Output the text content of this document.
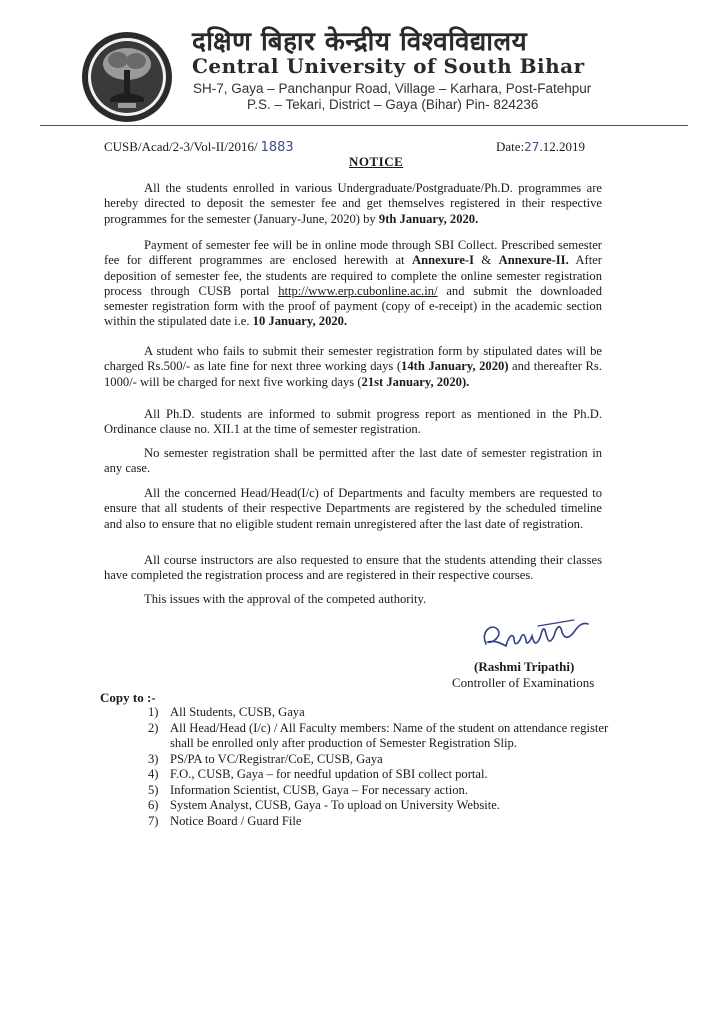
दक्षिण बिहार केन्द्रीय विश्वविद्यालय
Central University of South Bihar
SH-7, Gaya – Panchanpur Road, Village – Karhara, Post-Fatehpur
P.S. – Tekari, District – Gaya (Bihar) Pin- 824236
CUSB/Acad/2-3/Vol-II/2016/ 1883	Date:27.12.2019
NOTICE
All the students enrolled in various Undergraduate/Postgraduate/Ph.D. programmes are hereby directed to deposit the semester fee and get themselves registered in their respective programmes for the semester (January-June, 2020) by 9th January, 2020.
Payment of semester fee will be in online mode through SBI Collect. Prescribed semester fee for different programmes are enclosed herewith at Annexure-I & Annexure-II. After deposition of semester fee, the students are required to complete the online semester registration process through CUSB portal http://www.erp.cubonline.ac.in/ and submit the downloaded semester registration form with the proof of payment (copy of e-receipt) in the academic section within the stipulated date i.e. 10 January, 2020.
A student who fails to submit their semester registration form by stipulated dates will be charged Rs.500/- as late fine for next three working days (14th January, 2020) and thereafter Rs. 1000/- will be charged for next five working days (21st January, 2020).
All Ph.D. students are informed to submit progress report as mentioned in the Ph.D. Ordinance clause no. XII.1 at the time of semester registration.
No semester registration shall be permitted after the last date of semester registration in any case.
All the concerned Head/Head(I/c) of Departments and faculty members are requested to ensure that all students of their respective Departments are registered by the scheduled timeline and also to ensure that no eligible student remain unregistered after the last date of registration.
All course instructors are also requested to ensure that the students attending their classes have completed the registration process and are registered in their respective courses.
This issues with the approval of the competed authority.
(Rashmi Tripathi)
Controller of Examinations
Copy to :-
1) All Students, CUSB, Gaya
2) All Head/Head (I/c) / All Faculty members: Name of the student on attendance register shall be enrolled only after production of Semester Registration Slip.
3) PS/PA to VC/Registrar/CoE, CUSB, Gaya
4) F.O., CUSB, Gaya – for needful updation of SBI collect portal.
5) Information Scientist, CUSB, Gaya – For necessary action.
6) System Analyst, CUSB, Gaya - To upload on University Website.
7) Notice Board / Guard File
